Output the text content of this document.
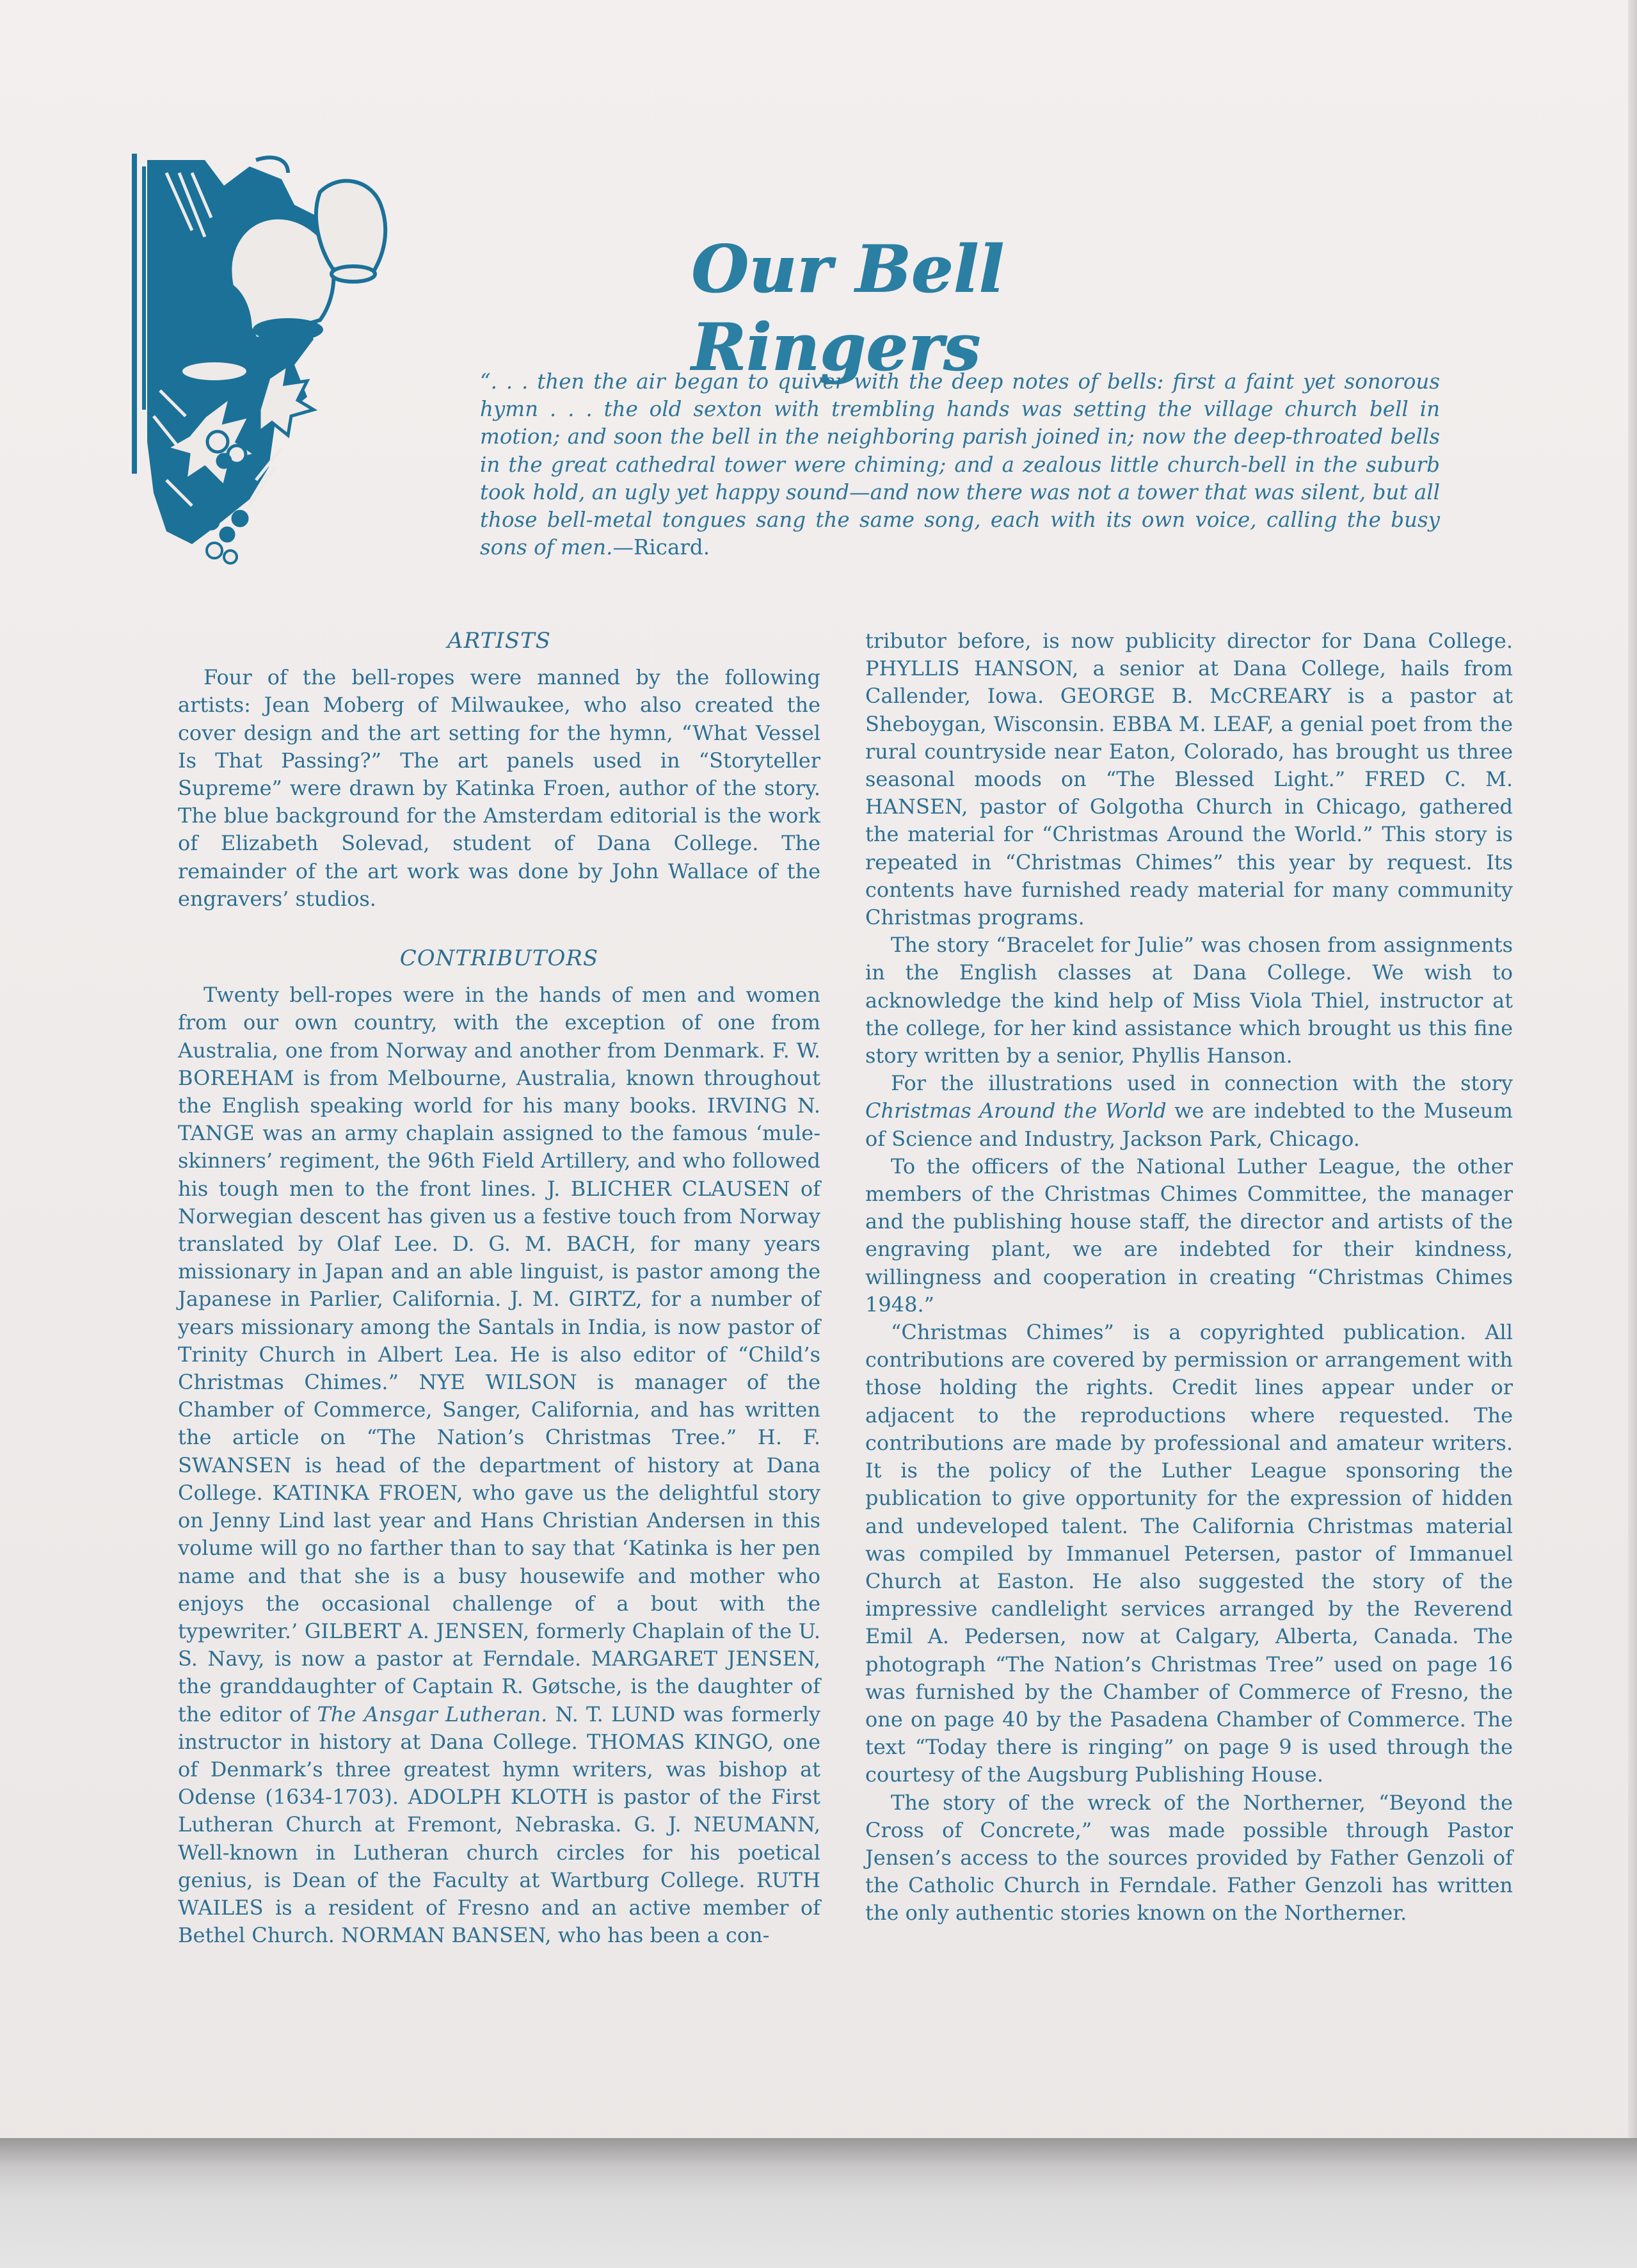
Our Bell Ringers

“. . . then the air began to quiver with the deep notes of bells: first a faint yet sonorous hymn . . . the old sexton with trembling hands was setting the village church bell in motion; and soon the bell in the neighboring parish joined in; now the deep-throated bells in the great cathedral tower were chiming; and a zealous little church-bell in the suburb took hold, an ugly yet happy sound—and now there was not a tower that was silent, but all those bell-metal tongues sang the same song, each with its own voice, calling the busy sons of men.—Ricard.

ARTISTS

Four of the bell-ropes were manned by the following artists: Jean Moberg of Milwaukee, who also created the cover design and the art setting for the hymn, “What Vessel Is That Passing?” The art panels used in “Storyteller Supreme” were drawn by Katinka Froen, author of the story. The blue background for the Amsterdam editorial is the work of Elizabeth Solevad, student of Dana College. The remainder of the art work was done by John Wallace of the engravers’ studios.

CONTRIBUTORS

Twenty bell-ropes were in the hands of men and women from our own country, with the exception of one from Australia, one from Norway and another from Denmark. F. W. BOREHAM is from Melbourne, Australia, known throughout the English speaking world for his many books. IRVING N. TANGE was an army chaplain assigned to the famous ‘mule-skinners’ regiment, the 96th Field Artillery, and who followed his tough men to the front lines. J. BLICHER CLAUSEN of Norwegian descent has given us a festive touch from Norway translated by Olaf Lee. D. G. M. BACH, for many years missionary in Japan and an able linguist, is pastor among the Japanese in Parlier, California. J. M. GIRTZ, for a number of years missionary among the Santals in India, is now pastor of Trinity Church in Albert Lea. He is also editor of “Child’s Christmas Chimes.” NYE WILSON is manager of the Chamber of Commerce, Sanger, California, and has written the article on “The Nation’s Christmas Tree.” H. F. SWANSEN is head of the department of history at Dana College. KATINKA FROEN, who gave us the delightful story on Jenny Lind last year and Hans Christian Andersen in this volume will go no farther than to say that ‘Katinka is her pen name and that she is a busy housewife and mother who enjoys the occasional challenge of a bout with the typewriter.’ GILBERT A. JENSEN, formerly Chaplain of the U. S. Navy, is now a pastor at Ferndale. MARGARET JENSEN, the granddaughter of Captain R. Gøtsche, is the daughter of the editor of The Ansgar Lutheran. N. T. LUND was formerly instructor in history at Dana College. THOMAS KINGO, one of Denmark’s three greatest hymn writers, was bishop at Odense (1634-1703). ADOLPH KLOTH is pastor of the First Lutheran Church at Fremont, Nebraska. G. J. NEUMANN, Well-known in Lutheran church circles for his poetical genius, is Dean of the Faculty at Wartburg College. RUTH WAILES is a resident of Fresno and an active member of Bethel Church. NORMAN BANSEN, who has been a con-

tributor before, is now publicity director for Dana College. PHYLLIS HANSON, a senior at Dana College, hails from Callender, Iowa. GEORGE B. McCREARY is a pastor at Sheboygan, Wisconsin. EBBA M. LEAF, a genial poet from the rural countryside near Eaton, Colorado, has brought us three seasonal moods on “The Blessed Light.” FRED C. M. HANSEN, pastor of Golgotha Church in Chicago, gathered the material for “Christmas Around the World.” This story is repeated in “Christmas Chimes” this year by request. Its contents have furnished ready material for many community Christmas programs.

The story “Bracelet for Julie” was chosen from assignments in the English classes at Dana College. We wish to acknowledge the kind help of Miss Viola Thiel, instructor at the college, for her kind assistance which brought us this fine story written by a senior, Phyllis Hanson.

For the illustrations used in connection with the story Christmas Around the World we are indebted to the Museum of Science and Industry, Jackson Park, Chicago.

To the officers of the National Luther League, the other members of the Christmas Chimes Committee, the manager and the publishing house staff, the director and artists of the engraving plant, we are indebted for their kindness, willingness and cooperation in creating “Christmas Chimes 1948.”

“Christmas Chimes” is a copyrighted publication. All contributions are covered by permission or arrangement with those holding the rights. Credit lines appear under or adjacent to the reproductions where requested. The contributions are made by professional and amateur writers. It is the policy of the Luther League sponsoring the publication to give opportunity for the expression of hidden and undeveloped talent. The California Christmas material was compiled by Immanuel Petersen, pastor of Immanuel Church at Easton. He also suggested the story of the impressive candlelight services arranged by the Reverend Emil A. Pedersen, now at Calgary, Alberta, Canada. The photograph “The Nation’s Christmas Tree” used on page 16 was furnished by the Chamber of Commerce of Fresno, the one on page 40 by the Pasadena Chamber of Commerce. The text “Today there is ringing” on page 9 is used through the courtesy of the Augsburg Publishing House.

The story of the wreck of the Northerner, “Beyond the Cross of Concrete,” was made possible through Pastor Jensen’s access to the sources provided by Father Genzoli of the Catholic Church in Ferndale. Father Genzoli has written the only authentic stories known on the Northerner.
